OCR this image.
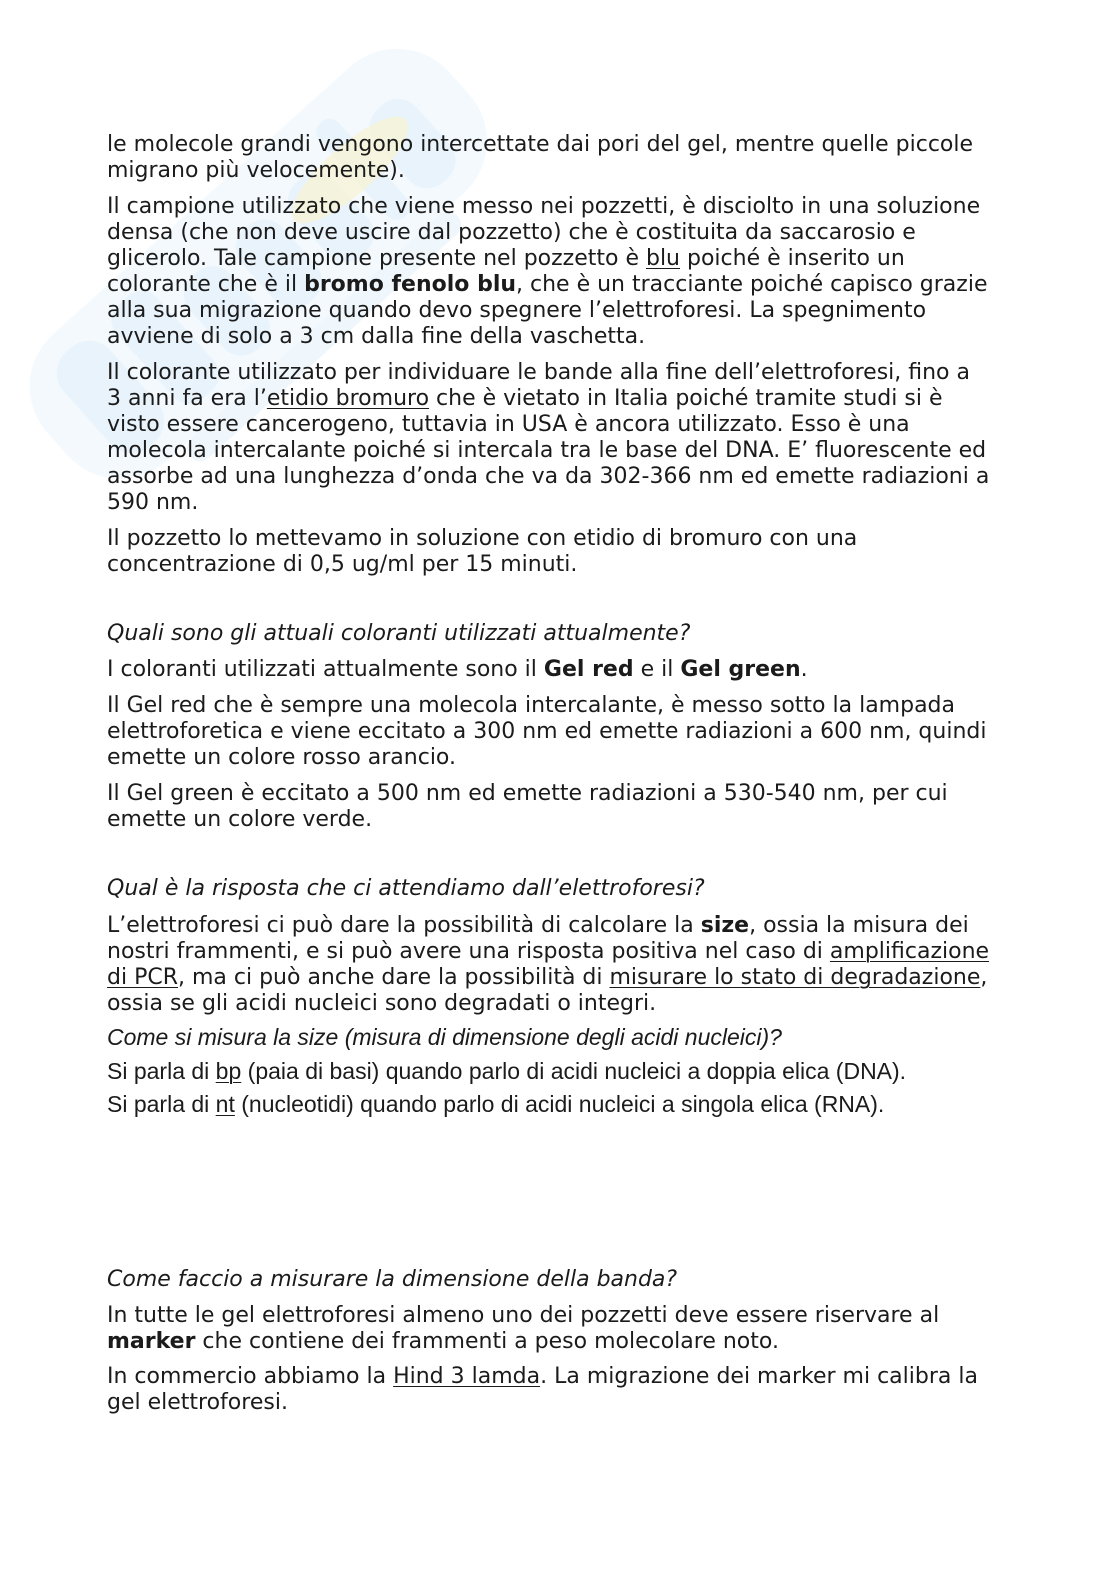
le molecole grandi vengono intercettate dai pori del gel, mentre quelle piccole
migrano più velocemente).
Il campione utilizzato che viene messo nei pozzetti, è disciolto in una soluzione
densa (che non deve uscire dal pozzetto) che è costituita da saccarosio e
glicerolo. Tale campione presente nel pozzetto è blu poiché è inserito un
colorante che è il bromo fenolo blu, che è un tracciante poiché capisco grazie
alla sua migrazione quando devo spegnere l’elettroforesi. La spegnimento
avviene di solo a 3 cm dalla fine della vaschetta.
Il colorante utilizzato per individuare le bande alla fine dell’elettroforesi, fino a
3 anni fa era l’etidio bromuro che è vietato in Italia poiché tramite studi si è
visto essere cancerogeno, tuttavia in USA è ancora utilizzato. Esso è una
molecola intercalante poiché si intercala tra le base del DNA. E’ fluorescente ed
assorbe ad una lunghezza d’onda che va da 302-366 nm ed emette radiazioni a
590 nm.
Il pozzetto lo mettevamo in soluzione con etidio di bromuro con una
concentrazione di 0,5 ug/ml per 15 minuti.
Quali sono gli attuali coloranti utilizzati attualmente?
I coloranti utilizzati attualmente sono il Gel red e il Gel green.
Il Gel red che è sempre una molecola intercalante, è messo sotto la lampada
elettroforetica e viene eccitato a 300 nm ed emette radiazioni a 600 nm, quindi
emette un colore rosso arancio.
Il Gel green è eccitato a 500 nm ed emette radiazioni a 530-540 nm, per cui
emette un colore verde.
Qual è la risposta che ci attendiamo dall’elettroforesi?
L’elettroforesi ci può dare la possibilità di calcolare la size, ossia la misura dei
nostri frammenti, e si può avere una risposta positiva nel caso di amplificazione
di PCR, ma ci può anche dare la possibilità di misurare lo stato di degradazione,
ossia se gli acidi nucleici sono degradati o integri.
Come si misura la size (misura di dimensione degli acidi nucleici)?
Si parla di bp (paia di basi) quando parlo di acidi nucleici a doppia elica (DNA).
Si parla di nt (nucleotidi) quando parlo di acidi nucleici a singola elica (RNA).
Come faccio a misurare la dimensione della banda?
In tutte le gel elettroforesi almeno uno dei pozzetti deve essere riservare al
marker che contiene dei frammenti a peso molecolare noto.
In commercio abbiamo la Hind 3 lamda. La migrazione dei marker mi calibra la
gel elettroforesi.
